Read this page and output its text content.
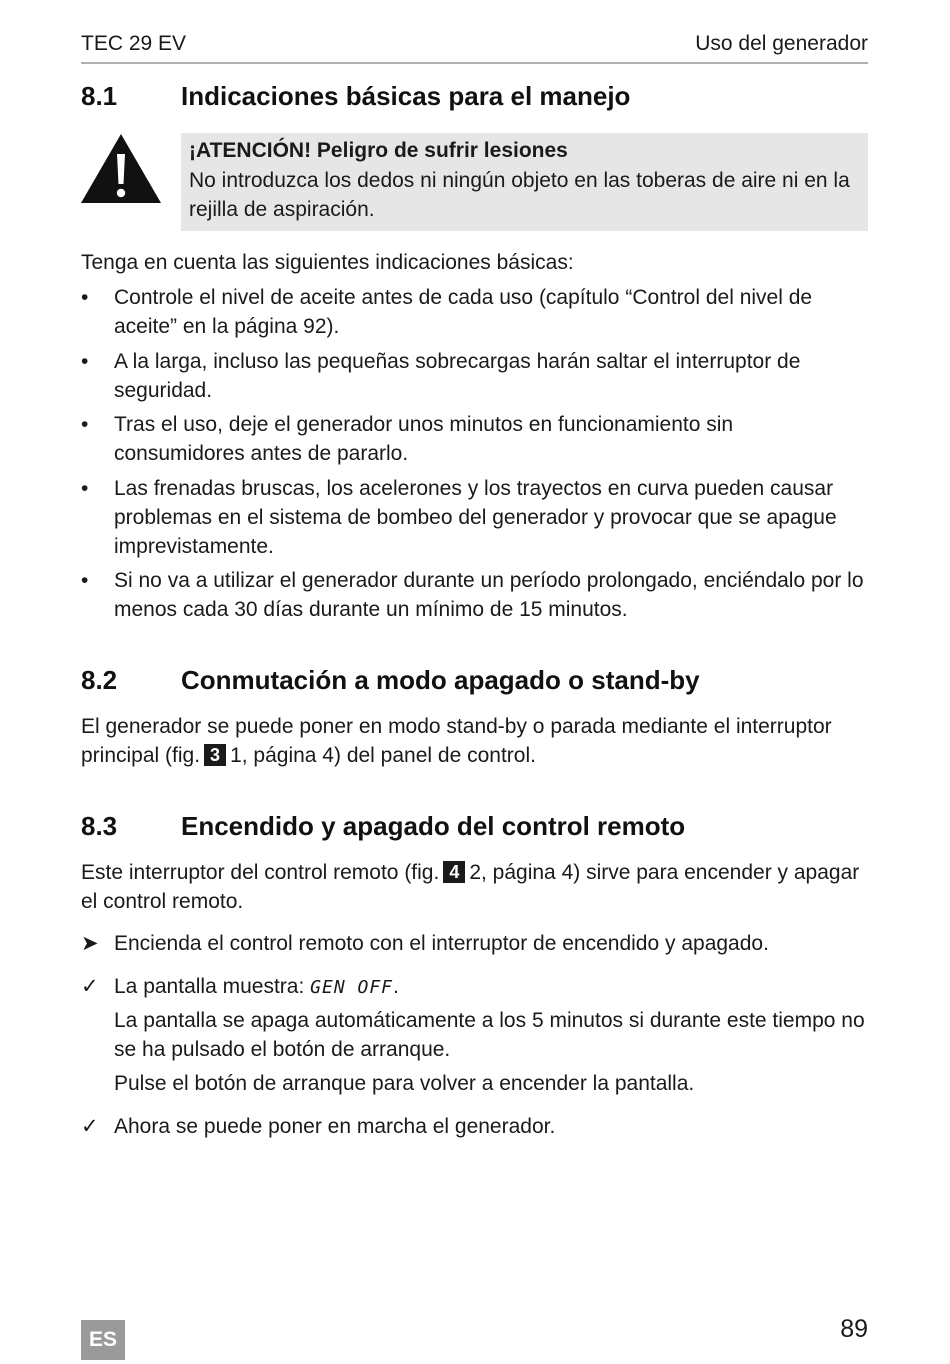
TEC 29 EV	Uso del generador
8.1 Indicaciones básicas para el manejo
¡ATENCIÓN! Peligro de sufrir lesiones
No introduzca los dedos ni ningún objeto en las toberas de aire ni en la rejilla de aspiración.
Tenga en cuenta las siguientes indicaciones básicas:
•	Controle el nivel de aceite antes de cada uso (capítulo “Control del nivel de aceite” en la página 92).
•	A la larga, incluso las pequeñas sobrecargas harán saltar el interruptor de seguridad.
•	Tras el uso, deje el generador unos minutos en funcionamiento sin consumidores antes de pararlo.
•	Las frenadas bruscas, los acelerones y los trayectos en curva pueden causar problemas en el sistema de bombeo del generador y provocar que se apague imprevistamente.
•	Si no va a utilizar el generador durante un período prolongado, enciéndalo por lo menos cada 30 días durante un mínimo de 15 minutos.
8.2 Conmutación a modo apagado o stand-by
El generador se puede poner en modo stand-by o parada mediante el interruptor principal (fig. 3 1, página 4) del panel de control.
8.3 Encendido y apagado del control remoto
Este interruptor del control remoto (fig. 4 2, página 4) sirve para encender y apagar el control remoto.
➤ Encienda el control remoto con el interruptor de encendido y apagado.
✓ La pantalla muestra: GEN OFF.
La pantalla se apaga automáticamente a los 5 minutos si durante este tiempo no se ha pulsado el botón de arranque.
Pulse el botón de arranque para volver a encender la pantalla.
✓ Ahora se puede poner en marcha el generador.
ES	89
